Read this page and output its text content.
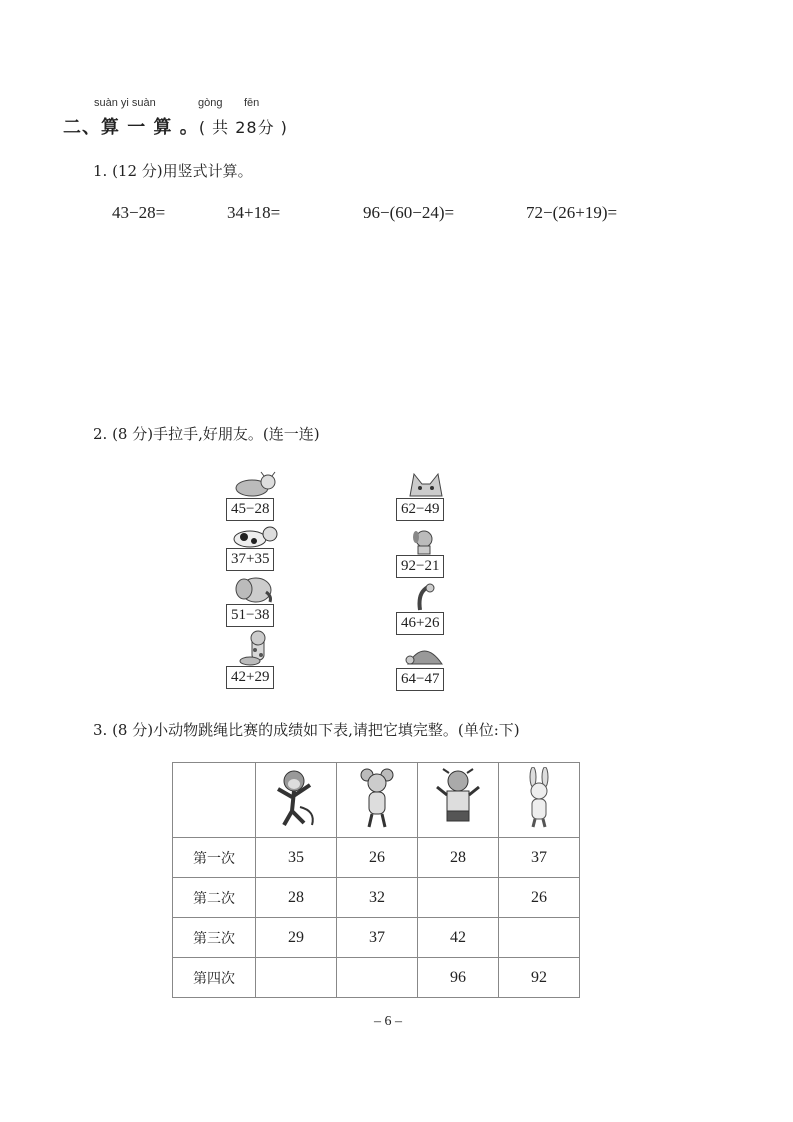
suàn yi suàn	gòng fēn
二、算 一 算 。( 共 28分 )
1. (12 分)用竖式计算。
43−28=	34+18=	96−(60−24)=	72−(26+19)=
2. (8 分)手拉手,好朋友。(连一连)
45−28
37+35
51−38
42+29
62−49
92−21
46+26
64−47
3. (8 分)小动物跳绳比赛的成绩如下表,请把它填完整。(单位:下)

第一次	35	26	28	37
第二次	28	32		26
第三次	29	37	42	
第四次			96	92
– 6 –
